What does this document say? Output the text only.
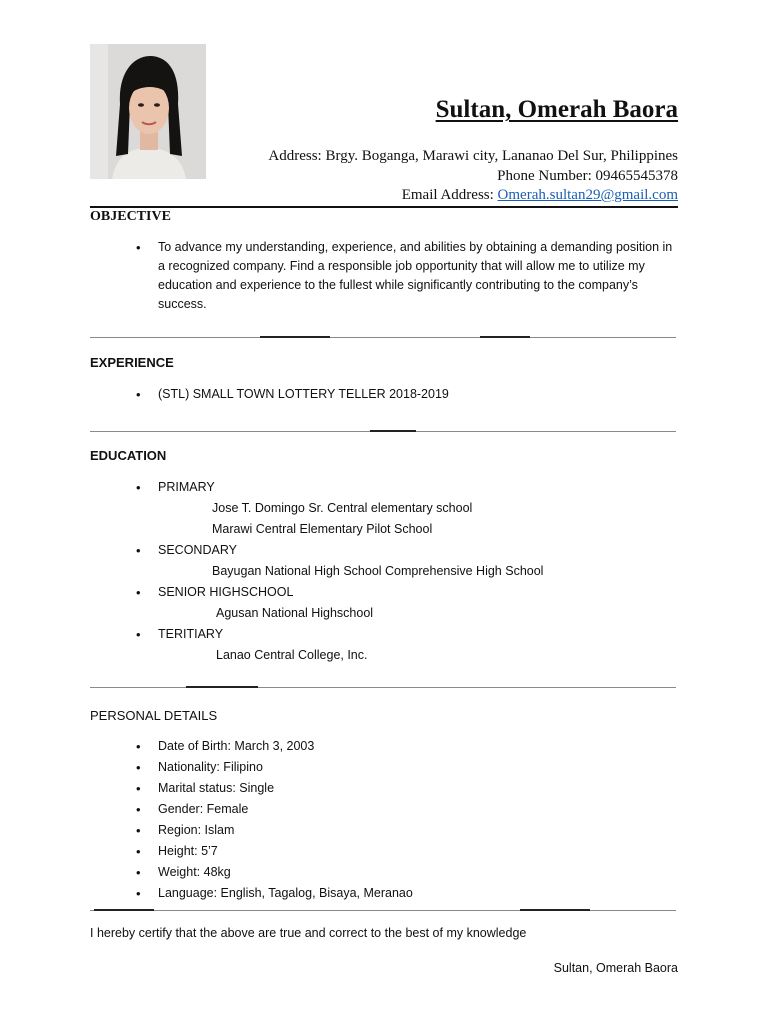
Sultan, Omerah Baora
Address: Brgy. Boganga, Marawi city, Lananao Del Sur, Philippines
Phone Number: 09465545378
Email Address: Omerah.sultan29@gmail.com
OBJECTIVE
• To advance my understanding, experience, and abilities by obtaining a demanding position in a recognized company. Find a responsible job opportunity that will allow me to utilize my education and experience to the fullest while significantly contributing to the company’s success.

EXPERIENCE
• (STL) SMALL TOWN LOTTERY TELLER 2018-2019
EDUCATION
• PRIMARY
Jose T. Domingo Sr. Central elementary school
Marawi Central Elementary Pilot School
• SECONDARY
Bayugan National High School Comprehensive High School
• SENIOR HIGHSCHOOL
Agusan National Highschool
• TERITIARY
Lanao Central College, Inc.
PERSONAL DETAILS
• Date of Birth: March 3, 2003
• Nationality: Filipino
• Marital status: Single
• Gender: Female
• Region: Islam
• Height: 5’7
• Weight: 48kg
• Language: English, Tagalog, Bisaya, Meranao
I hereby certify that the above are true and correct to the best of my knowledge
Sultan, Omerah Baora
